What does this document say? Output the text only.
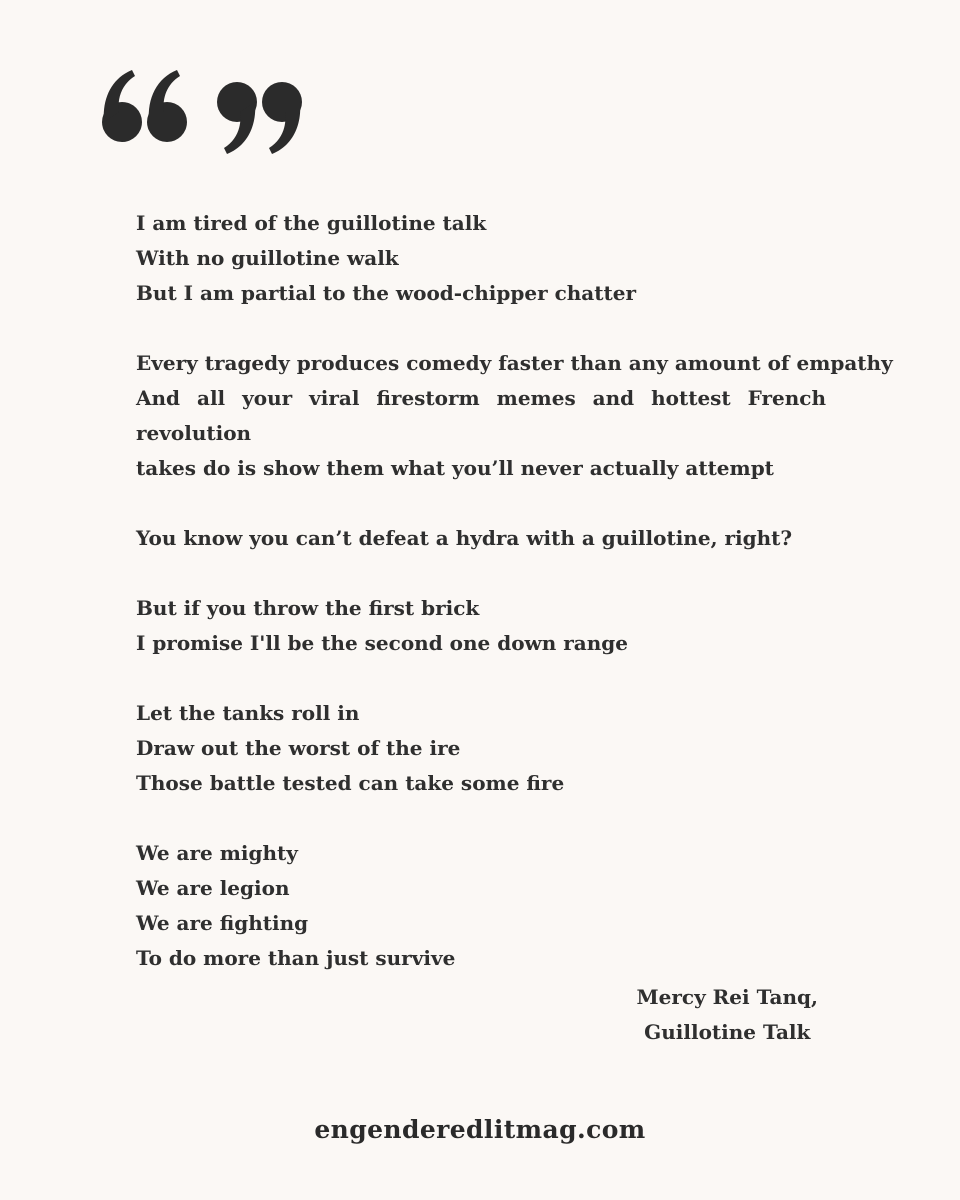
I am tired of the guillotine talk
With no guillotine walk
But I am partial to the wood-chipper chatter
Every tragedy produces comedy faster than any amount of empathy
And all your viral firestorm memes and hottest French revolution
takes do is show them what you’ll never actually attempt
You know you can’t defeat a hydra with a guillotine, right?
But if you throw the first brick
I promise I'll be the second one down range
Let the tanks roll in
Draw out the worst of the ire
Those battle tested can take some fire
We are mighty
We are legion
We are fighting
To do more than just survive
Mercy Rei Tanq,
Guillotine Talk
engenderedlitmag.com
